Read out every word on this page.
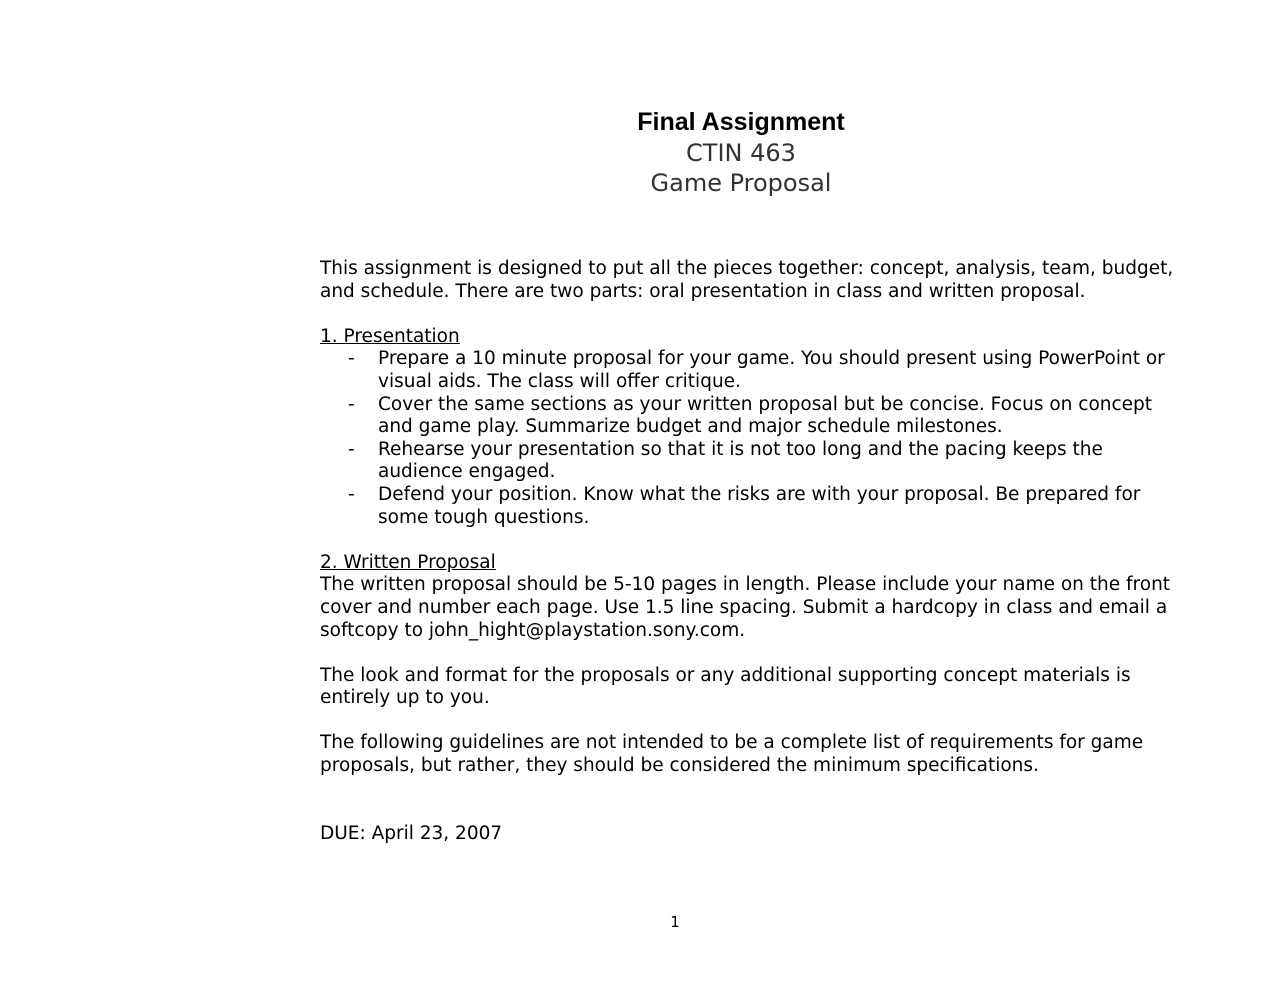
Final Assignment
CTIN 463
Game Proposal

This assignment is designed to put all the pieces together: concept, analysis, team, budget, and schedule. There are two parts: oral presentation in class and written proposal.

1. Presentation

- Prepare a 10 minute proposal for your game. You should present using PowerPoint or visual aids. The class will offer critique.
- Cover the same sections as your written proposal but be concise. Focus on concept and game play. Summarize budget and major schedule milestones.
- Rehearse your presentation so that it is not too long and the pacing keeps the audience engaged.
- Defend your position. Know what the risks are with your proposal. Be prepared for some tough questions.

2. Written Proposal

The written proposal should be 5-10 pages in length. Please include your name on the front cover and number each page. Use 1.5 line spacing. Submit a hardcopy in class and email a softcopy to john_hight@playstation.sony.com.

The look and format for the proposals or any additional supporting concept materials is entirely up to you.

The following guidelines are not intended to be a complete list of requirements for game proposals, but rather, they should be considered the minimum specifications.

DUE: April 23, 2007

1
